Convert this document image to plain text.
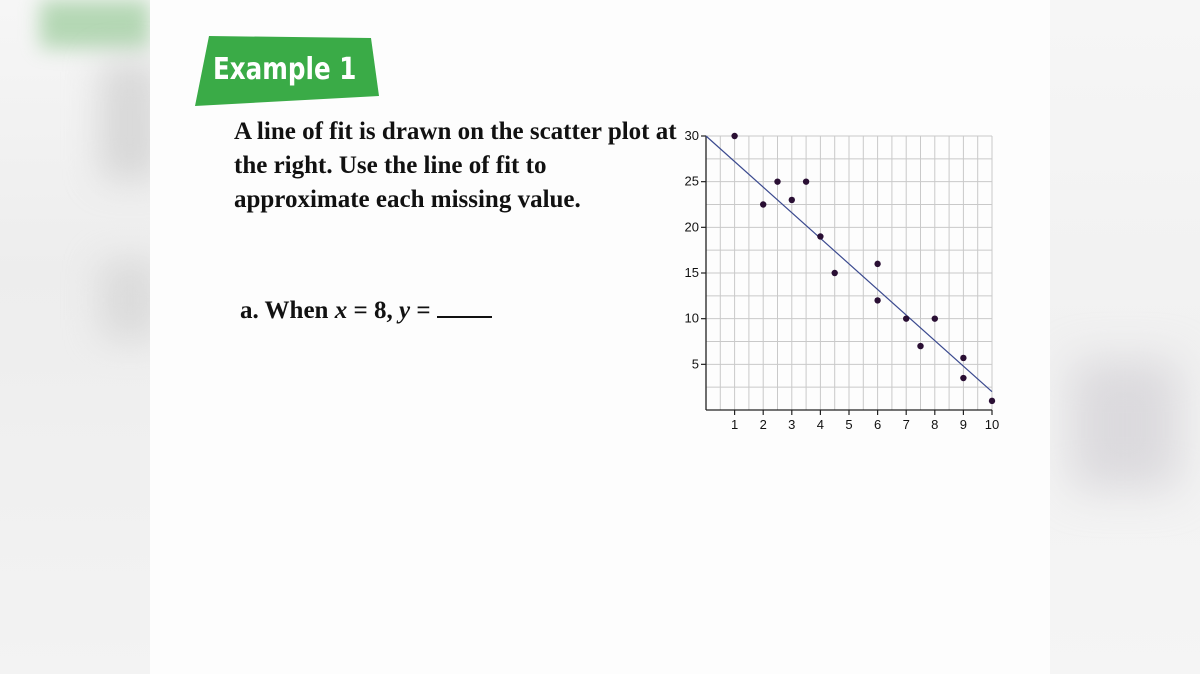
Example 1

A line of fit is drawn on the scatter plot at the right. Use the line of fit to approximate each missing value.

a. When x = 8, y =
5
10
15
20
25
30
1 2 3 4 5 6 7 8 9 10
